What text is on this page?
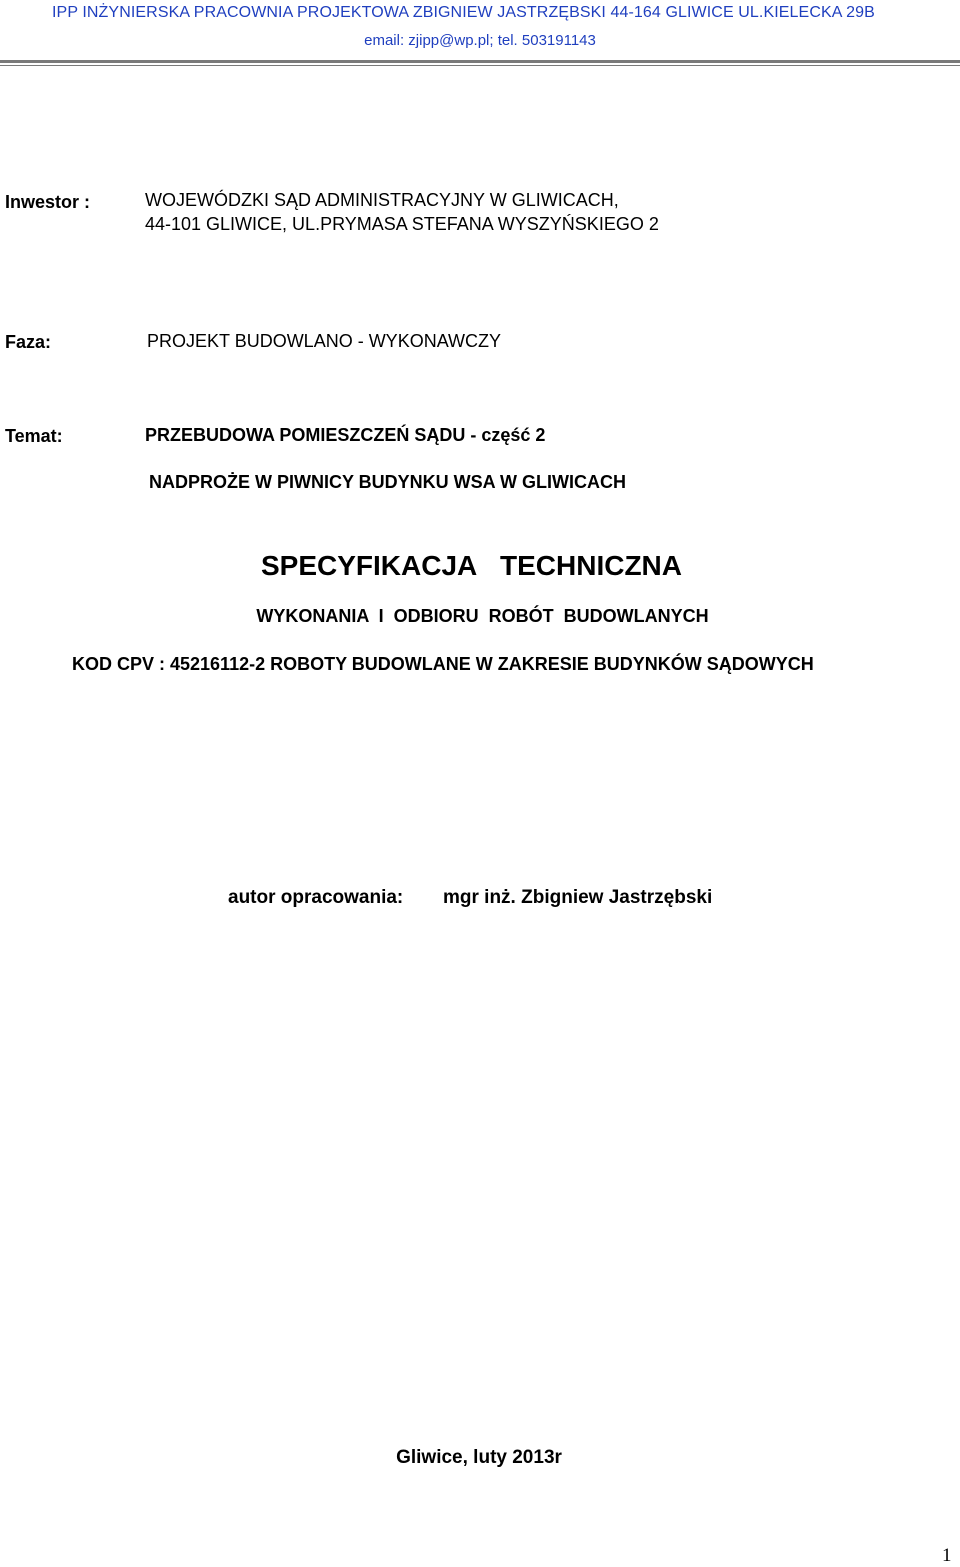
IPP INŻYNIERSKA PRACOWNIA PROJEKTOWA ZBIGNIEW JASTRZĘBSKI 44-164 GLIWICE UL.KIELECKA 29B
email: zjipp@wp.pl; tel. 503191143
Inwestor :	WOJEWÓDZKI SĄD ADMINISTRACYJNY W GLIWICACH,
44-101 GLIWICE, UL.PRYMASA STEFANA WYSZYŃSKIEGO 2
Faza:	PROJEKT BUDOWLANO - WYKONAWCZY
Temat:	PRZEBUDOWA POMIESZCZEŃ SĄDU - część 2
NADPROŻE W PIWNICY BUDYNKU WSA W GLIWICACH
SPECYFIKACJA TECHNICZNA
WYKONANIA I ODBIORU ROBÓT BUDOWLANYCH
KOD CPV : 45216112-2 ROBOTY BUDOWLANE W ZAKRESIE BUDYNKÓW SĄDOWYCH
autor opracowania: mgr inż. Zbigniew Jastrzębski
Gliwice, luty 2013r
1
